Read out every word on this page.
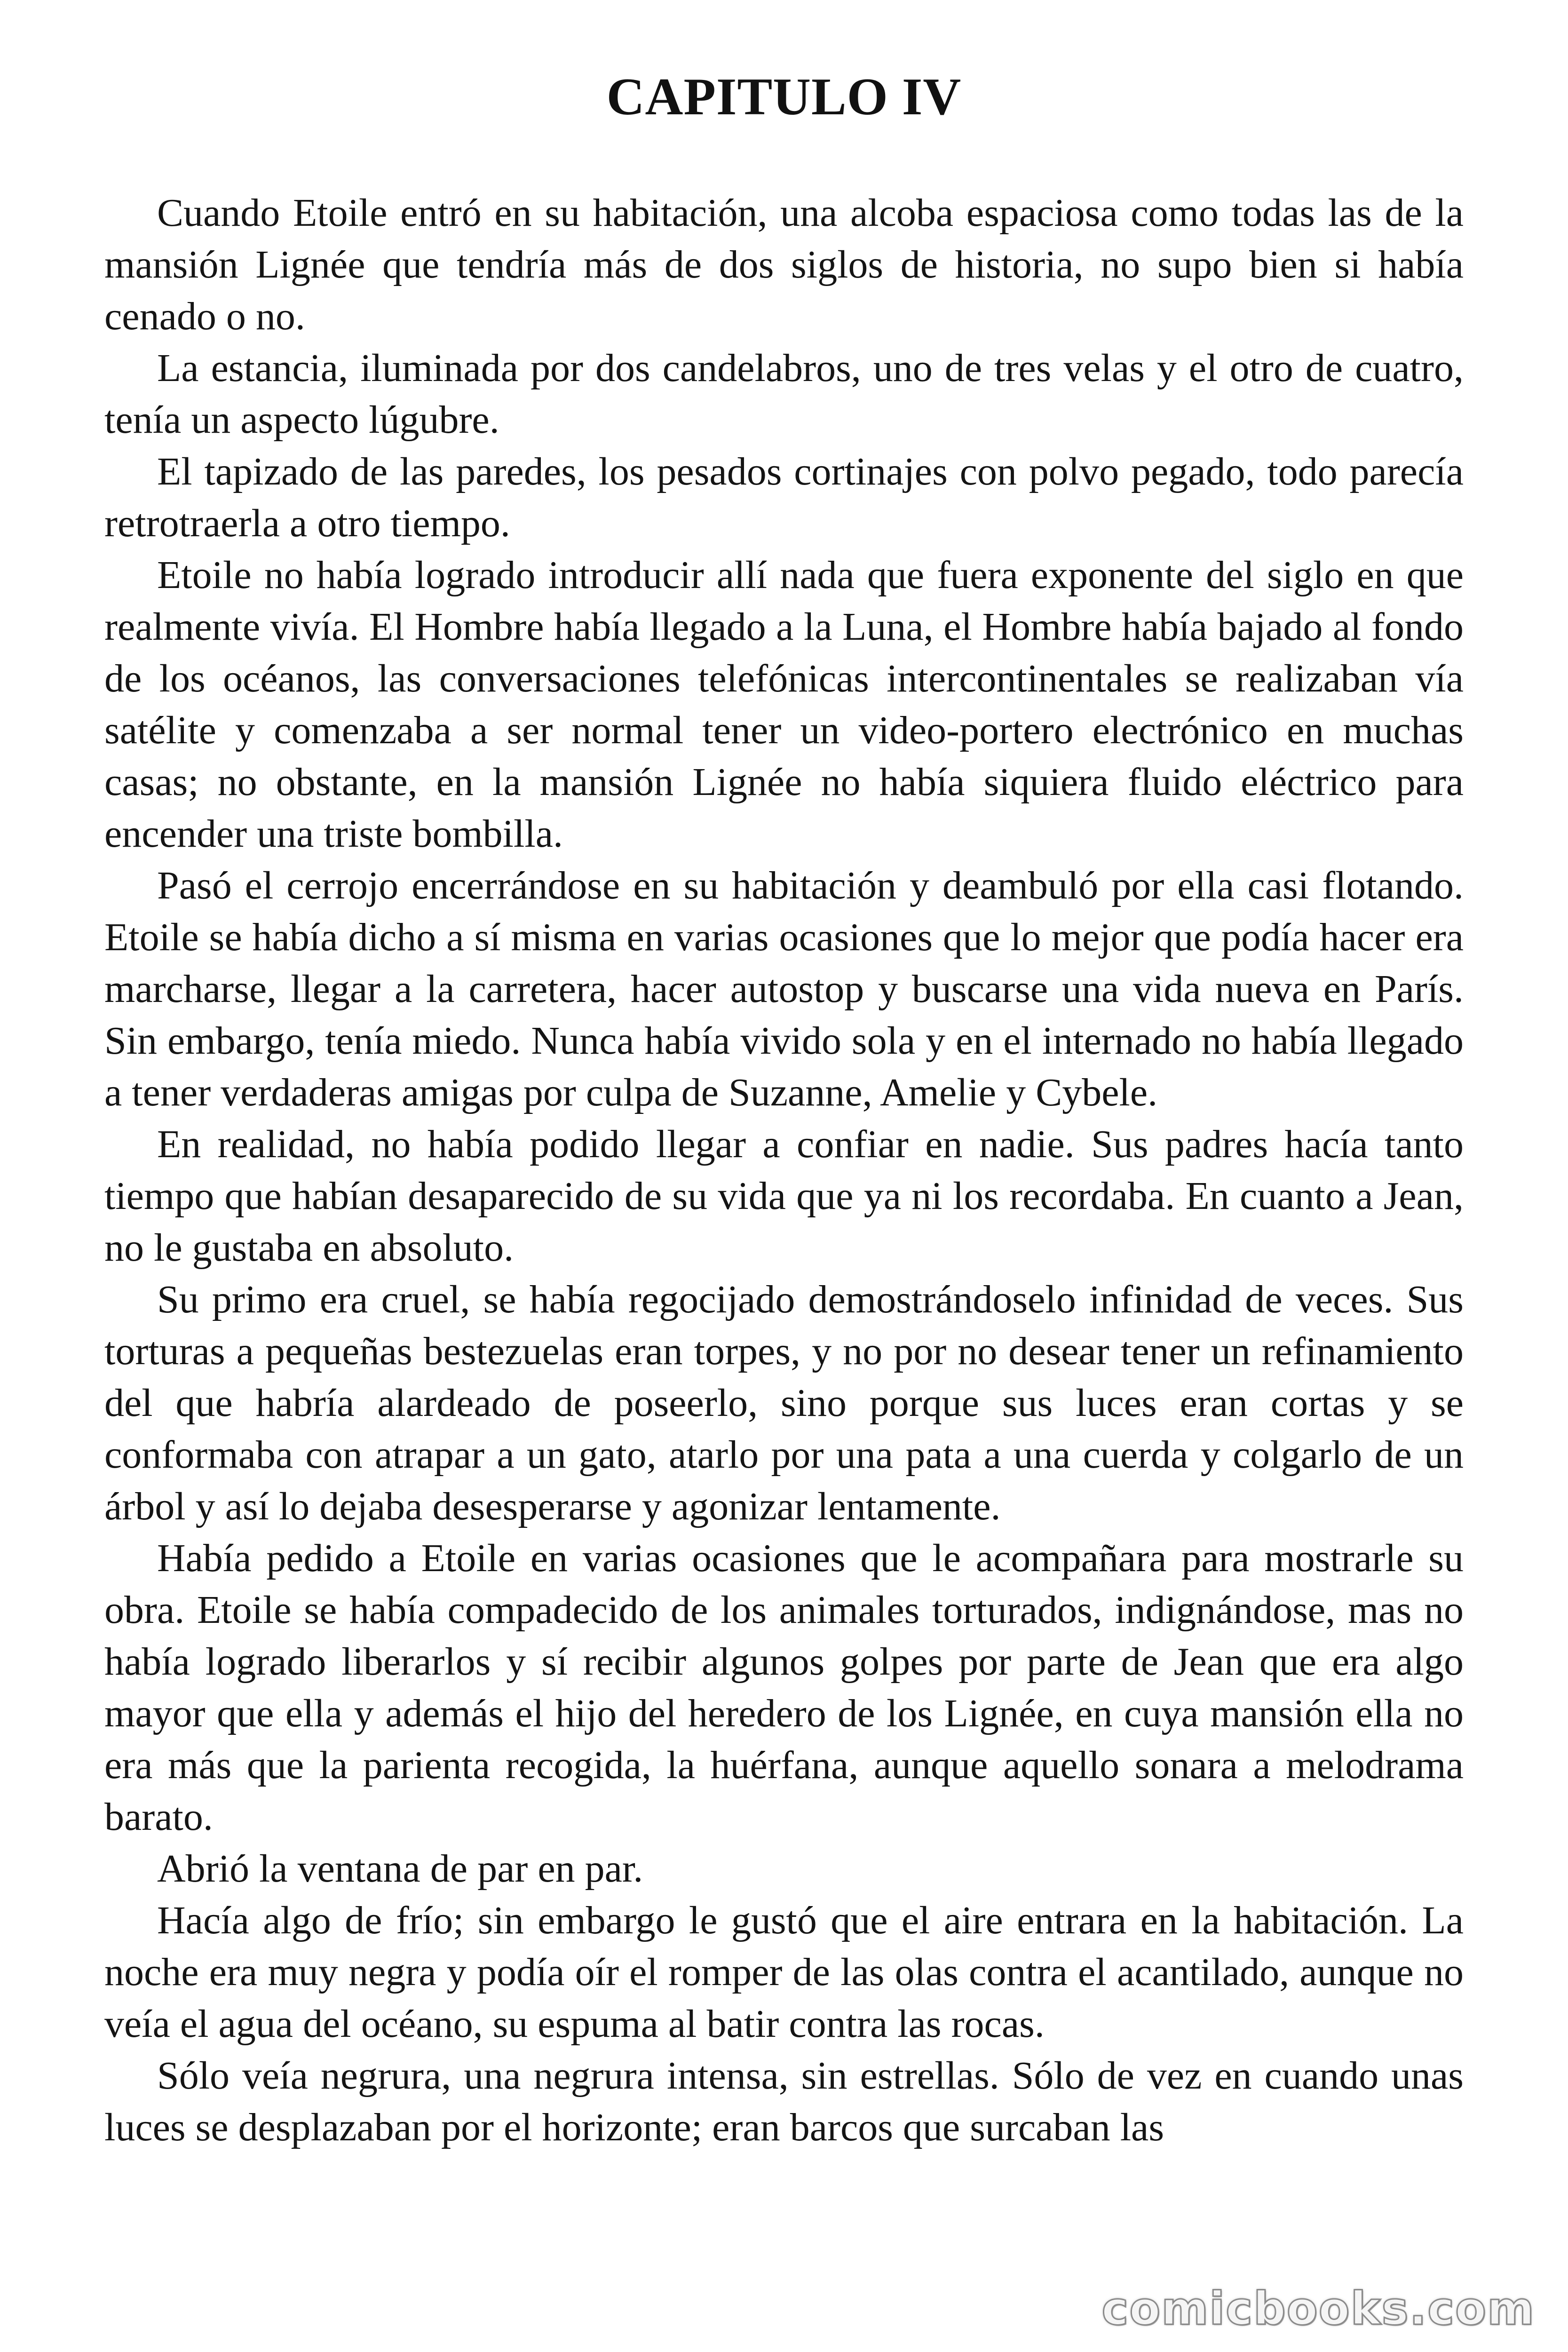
CAPITULO IV

Cuando Etoile entró en su habitación, una alcoba espaciosa como todas las de la mansión Lignée que tendría más de dos siglos de historia, no supo bien si había cenado o no.

La estancia, iluminada por dos candelabros, uno de tres velas y el otro de cuatro, tenía un aspecto lúgubre.

El tapizado de las paredes, los pesados cortinajes con polvo pegado, todo parecía retrotraerla a otro tiempo.

Etoile no había logrado introducir allí nada que fuera exponente del siglo en que realmente vivía. El Hombre había llegado a la Luna, el Hombre había bajado al fondo de los océanos, las conversaciones telefónicas intercontinentales se realizaban vía satélite y comenzaba a ser normal tener un video-portero electrónico en muchas casas; no obstante, en la mansión Lignée no había siquiera fluido eléctrico para encender una triste bombilla.

Pasó el cerrojo encerrándose en su habitación y deambuló por ella casi flotando. Etoile se había dicho a sí misma en varias ocasiones que lo mejor que podía hacer era marcharse, llegar a la carretera, hacer autostop y buscarse una vida nueva en París. Sin embargo, tenía miedo. Nunca había vivido sola y en el internado no había llegado a tener verdaderas amigas por culpa de Suzanne, Amelie y Cybele.

En realidad, no había podido llegar a confiar en nadie. Sus padres hacía tanto tiempo que habían desaparecido de su vida que ya ni los recordaba. En cuanto a Jean, no le gustaba en absoluto.

Su primo era cruel, se había regocijado demostrándoselo infinidad de veces. Sus torturas a pequeñas bestezuelas eran torpes, y no por no desear tener un refinamiento del que habría alardeado de poseerlo, sino porque sus luces eran cortas y se conformaba con atrapar a un gato, atarlo por una pata a una cuerda y colgarlo de un árbol y así lo dejaba desesperarse y agonizar lentamente.

Había pedido a Etoile en varias ocasiones que le acompañara para mostrarle su obra. Etoile se había compadecido de los animales torturados, indignándose, mas no había logrado liberarlos y sí recibir algunos golpes por parte de Jean que era algo mayor que ella y además el hijo del heredero de los Lignée, en cuya mansión ella no era más que la parienta recogida, la huérfana, aunque aquello sonara a melodrama barato.

Abrió la ventana de par en par.

Hacía algo de frío; sin embargo le gustó que el aire entrara en la habitación. La noche era muy negra y podía oír el romper de las olas contra el acantilado, aunque no veía el agua del océano, su espuma al batir contra las rocas.

Sólo veía negrura, una negrura intensa, sin estrellas. Sólo de vez en cuando unas luces se desplazaban por el horizonte; eran barcos que surcaban las

comicbooks.com
